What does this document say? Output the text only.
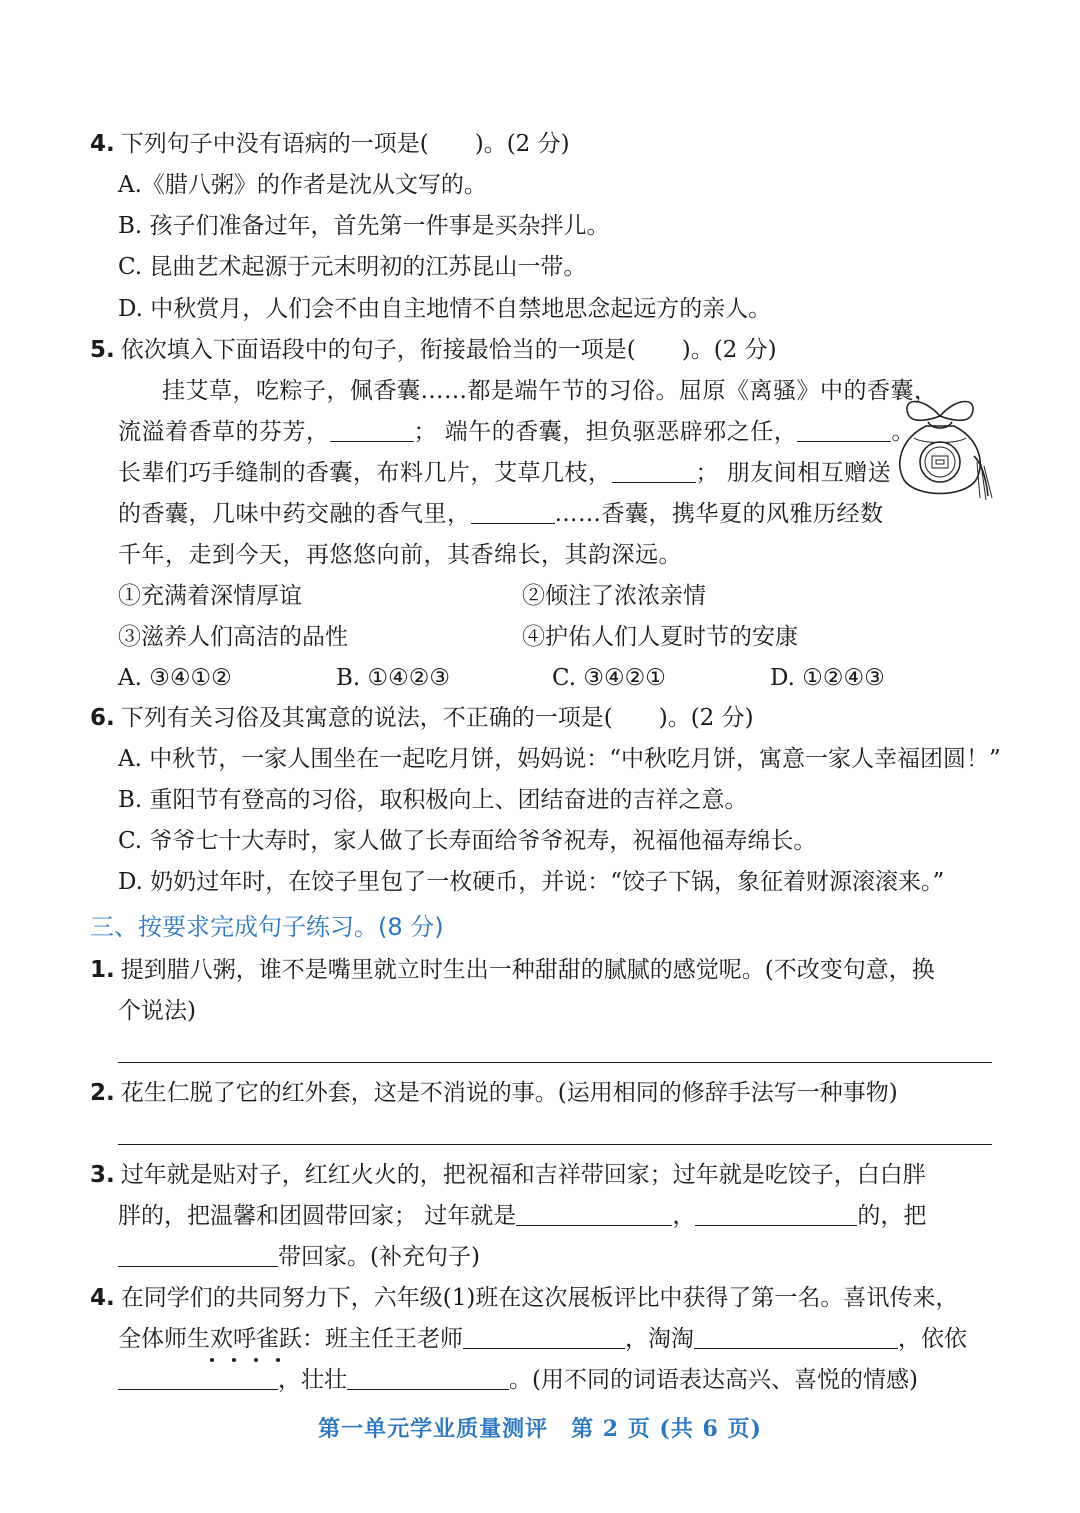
4. 下列句子中没有语病的一项是(　　)。(2 分)
A.《腊八粥》的作者是沈从文写的。
B. 孩子们准备过年，首先第一件事是买杂拌儿。
C. 昆曲艺术起源于元末明初的江苏昆山一带。
D. 中秋赏月，人们会不由自主地情不自禁地思念起远方的亲人。
5. 依次填入下面语段中的句子，衔接最恰当的一项是(　　)。(2 分)
挂艾草，吃粽子，佩香囊……都是端午节的习俗。屈原《离骚》中的香囊，
流溢着香草的芬芳，	； 端午的香囊，担负驱恶辟邪之任，	。
长辈们巧手缝制的香囊，布料几片，艾草几枝，	； 朋友间相互赠送
的香囊，几味中药交融的香气里，	……香囊，携华夏的风雅历经数
千年，走到今天，再悠悠向前，其香绵长，其韵深远。
①充满着深情厚谊	②倾注了浓浓亲情
③滋养人们高洁的品性	④护佑人们人夏时节的安康
A. ③④①②	B. ①④②③	C. ③④②①	D. ①②④③
6. 下列有关习俗及其寓意的说法，不正确的一项是(　　)。(2 分)
A. 中秋节，一家人围坐在一起吃月饼，妈妈说：“中秋吃月饼，寓意一家人幸福团圆！”
B. 重阳节有登高的习俗，取积极向上、团结奋进的吉祥之意。
C. 爷爷七十大寿时，家人做了长寿面给爷爷祝寿，祝福他福寿绵长。
D. 奶奶过年时，在饺子里包了一枚硬币，并说：“饺子下锅，象征着财源滚滚来。”
三、按要求完成句子练习。(8 分)
1. 提到腊八粥，谁不是嘴里就立时生出一种甜甜的腻腻的感觉呢。(不改变句意，换
个说法)
2. 花生仁脱了它的红外套，这是不消说的事。(运用相同的修辞手法写一种事物)
3. 过年就是贴对子，红红火火的，把祝福和吉祥带回家；过年就是吃饺子，白白胖
胖的，把温馨和团圆带回家； 过年就是	，	的，把
带回家。(补充句子)
4. 在同学们的共同努力下，六年级(1)班在这次展板评比中获得了第一名。喜讯传来，
全体师生欢呼雀跃：班主任王老师	，淘淘	，依依
，壮壮	。(用不同的词语表达高兴、喜悦的情感)
第一单元学业质量测评　第 2 页 (共 6 页)
